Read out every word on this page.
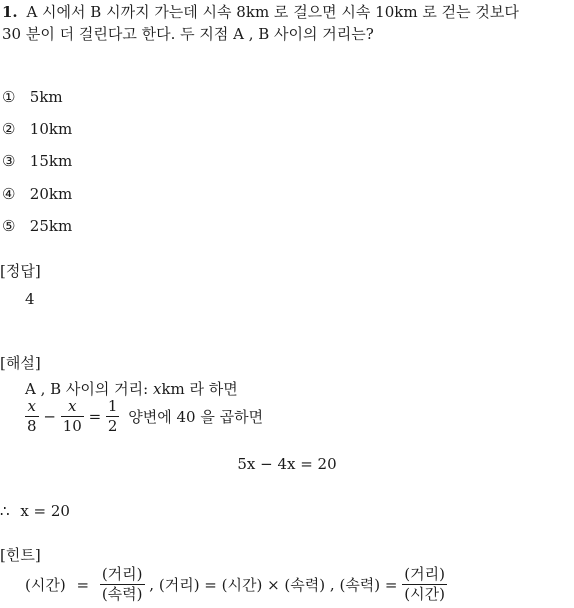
1. A 시에서 B 시까지 가는데 시속 8km 로 걸으면 시속 10km 로 걷는 것보다
30 분이 더 걸린다고 한다. 두 지점 A , B 사이의 거리는?
① 5km
② 10km
③ 15km
④ 20km
⑤ 25km
[정답]
4
[해설]
A , B 사이의 거리: xkm 라 하면
$\frac{x}{8} - \frac{x}{10} = \frac{1}{2}$ 양변에 40 을 곱하면
5x − 4x = 20
∴ x = 20
[힌트]
(시간) = $\frac{\text{(거리)}}{\text{(속력)}}$ , (거리) = (시간) × (속력) , (속력) = $\frac{\text{(거리)}}{\text{(시간)}}$
